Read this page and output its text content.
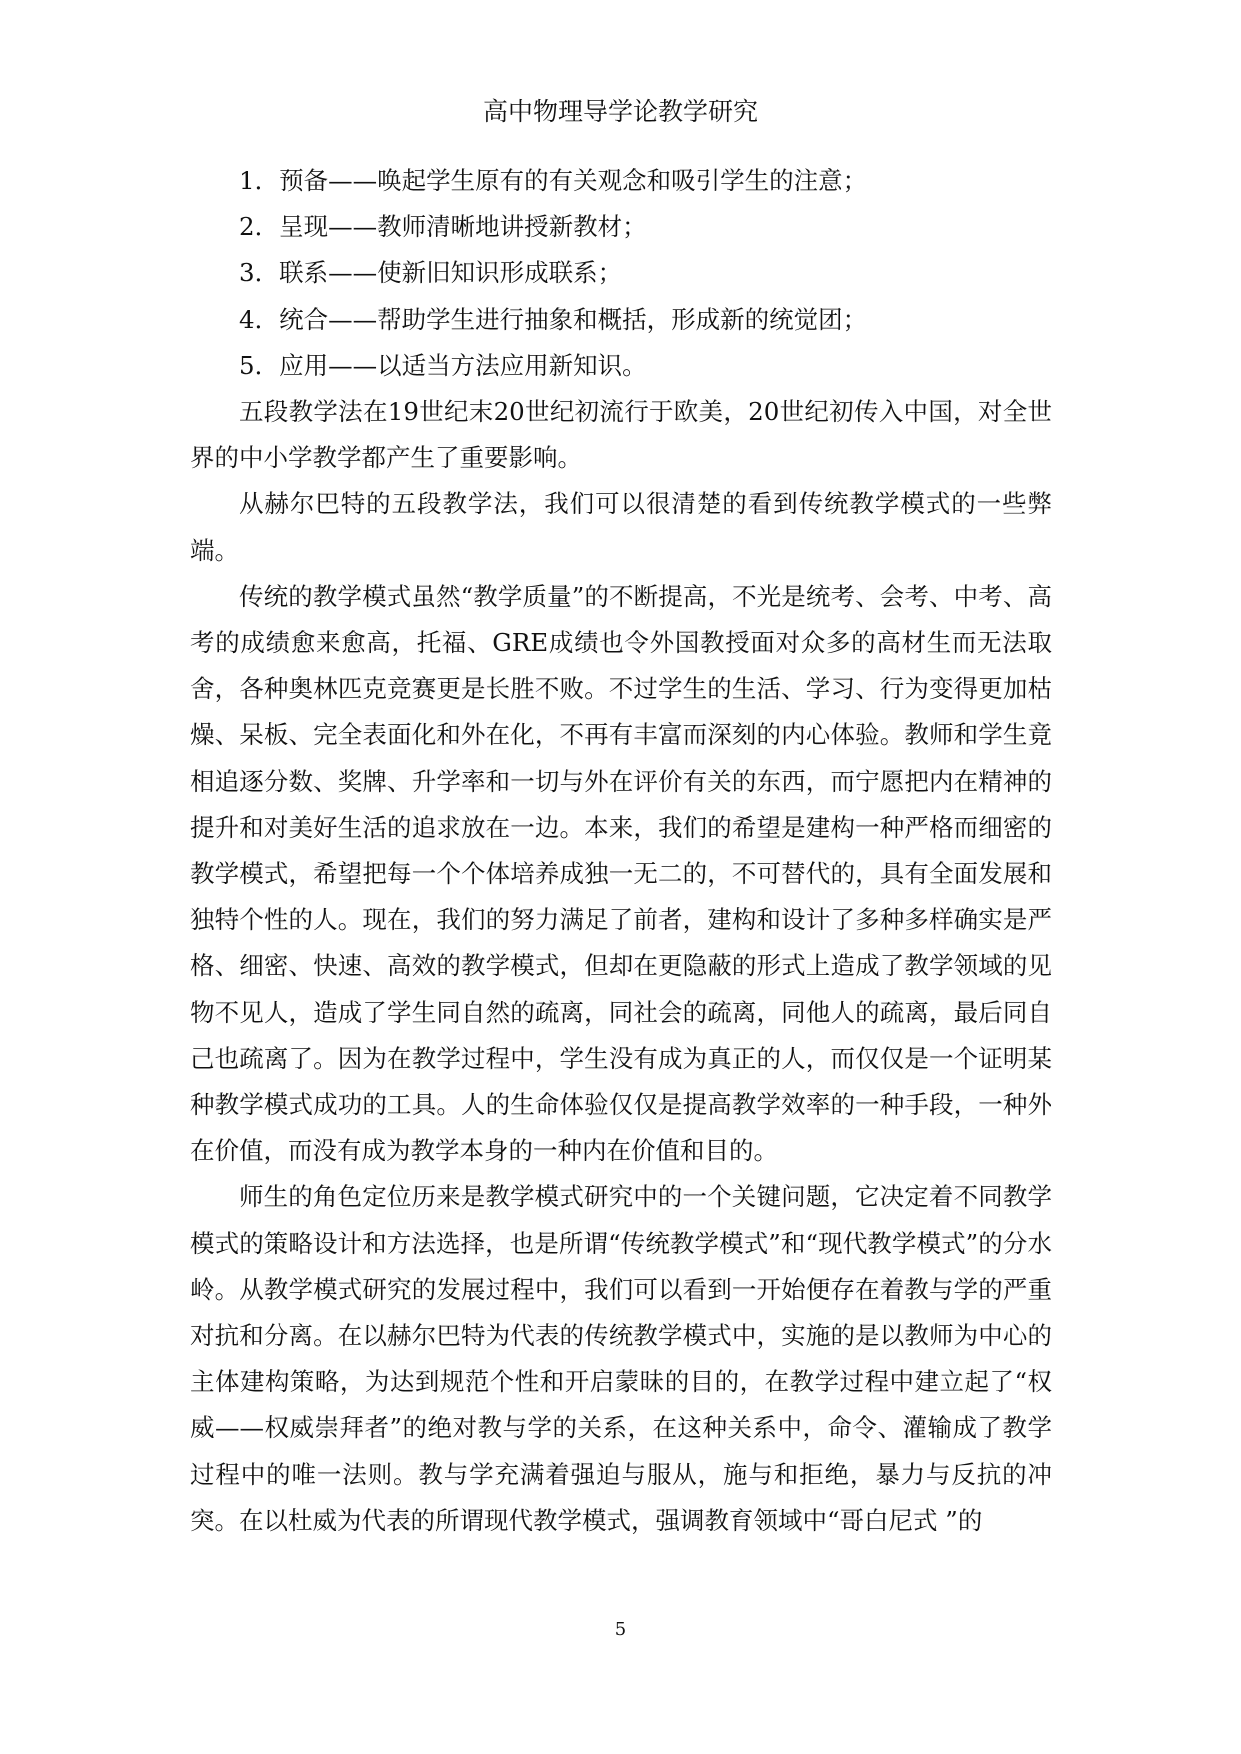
高中物理导学论教学研究

1．预备——唤起学生原有的有关观念和吸引学生的注意；

2．呈现——教师清晰地讲授新教材；

3．联系——使新旧知识形成联系；

4．统合——帮助学生进行抽象和概括，形成新的统觉团；

5．应用——以适当方法应用新知识。

五段教学法在19世纪末20世纪初流行于欧美，20世纪初传入中国，对全世界的中小学教学都产生了重要影响。

从赫尔巴特的五段教学法，我们可以很清楚的看到传统教学模式的一些弊端。

传统的教学模式虽然“教学质量”的不断提高，不光是统考、会考、中考、高考的成绩愈来愈高，托福、GRE成绩也令外国教授面对众多的高材生而无法取舍，各种奥林匹克竞赛更是长胜不败。不过学生的生活、学习、行为变得更加枯燥、呆板、完全表面化和外在化，不再有丰富而深刻的内心体验。教师和学生竟相追逐分数、奖牌、升学率和一切与外在评价有关的东西，而宁愿把内在精神的提升和对美好生活的追求放在一边。本来，我们的希望是建构一种严格而细密的教学模式，希望把每一个个体培养成独一无二的，不可替代的，具有全面发展和独特个性的人。现在，我们的努力满足了前者，建构和设计了多种多样确实是严格、细密、快速、高效的教学模式，但却在更隐蔽的形式上造成了教学领域的见物不见人，造成了学生同自然的疏离，同社会的疏离，同他人的疏离，最后同自己也疏离了。因为在教学过程中，学生没有成为真正的人，而仅仅是一个证明某种教学模式成功的工具。人的生命体验仅仅是提高教学效率的一种手段，一种外在价值，而没有成为教学本身的一种内在价值和目的。

师生的角色定位历来是教学模式研究中的一个关键问题，它决定着不同教学模式的策略设计和方法选择，也是所谓“传统教学模式”和“现代教学模式”的分水岭。从教学模式研究的发展过程中，我们可以看到一开始便存在着教与学的严重对抗和分离。在以赫尔巴特为代表的传统教学模式中，实施的是以教师为中心的主体建构策略，为达到规范个性和开启蒙昧的目的，在教学过程中建立起了“权威——权威崇拜者”的绝对教与学的关系，在这种关系中，命令、灌输成了教学过程中的唯一法则。教与学充满着强迫与服从，施与和拒绝，暴力与反抗的冲突。在以杜威为代表的所谓现代教学模式，强调教育领域中“哥白尼式 ”的

5
